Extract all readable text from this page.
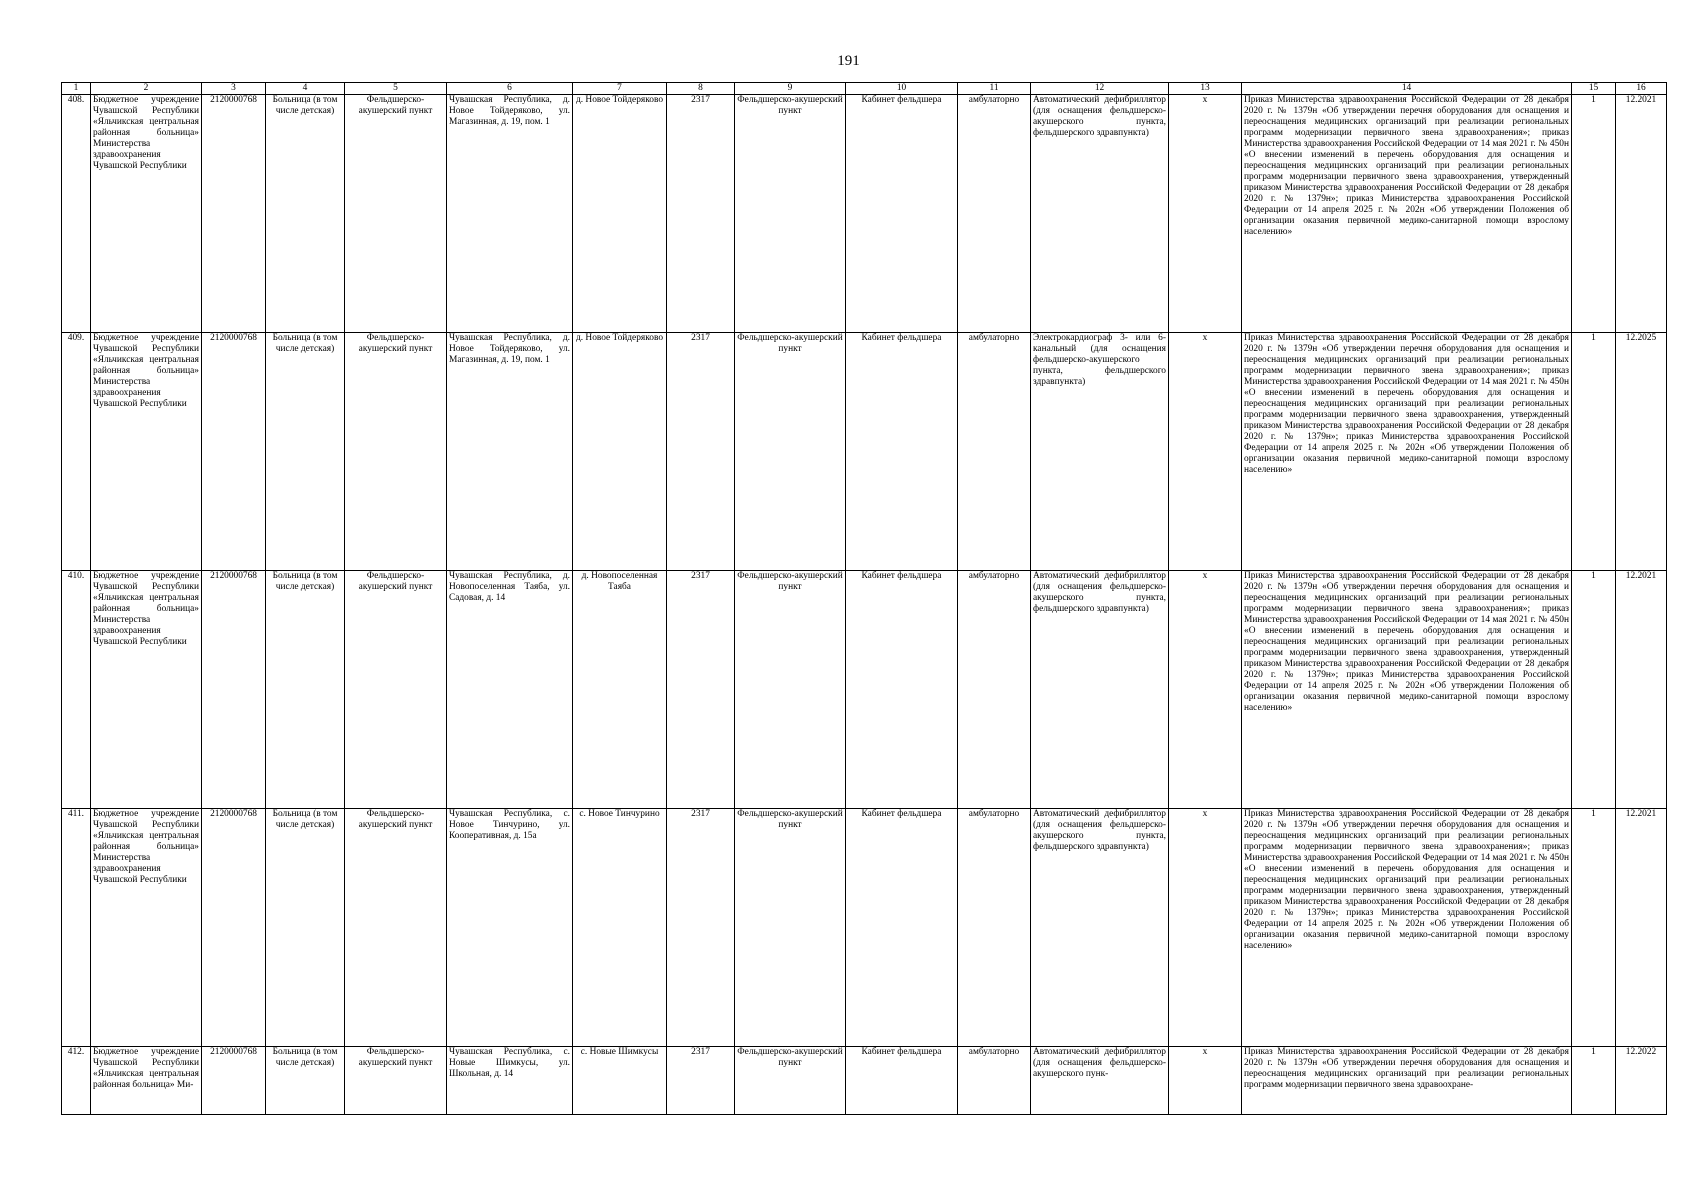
191
1	2	3	4	5	6	7	8	9	10	11	12	13	14	15	16
408.	Бюджетное учреждение Чувашской Республики «Яльчикская центральная районная больница» Министерства здравоохранения Чувашской Республики	2120000768	Больница (в том числе детская)	Фельдшерско-акушерский пункт	Чувашская Республика, д. Новое Тойдеряково, ул. Магазинная, д. 19, пом. 1	д. Новое Тойдеряково	2317	Фельдшерско-акушерский пункт	Кабинет фельдшера	амбулаторно	Автоматический дефибриллятор (для оснащения фельдшерско-акушерского пункта, фельдшерского здравпункта)	x	Приказ Министерства здравоохранения Российской Федерации от 28 декабря 2020 г. № 1379н «Об утверждении перечня оборудования для оснащения и переоснащения медицинских организаций при реализации региональных программ модернизации первичного звена здравоохранения»; приказ Министерства здравоохранения Российской Федерации от 14 мая 2021 г. № 450н «О внесении изменений в перечень оборудования для оснащения и переоснащения медицинских организаций при реализации региональных программ модернизации первичного звена здравоохранения, утвержденный приказом Министерства здравоохранения Российской Федерации от 28 декабря 2020 г. № 1379н»; приказ Министерства здравоохранения Российской Федерации от 14 апреля 2025 г. № 202н «Об утверждении Положения об организации оказания первичной медико-санитарной помощи взрослому населению»	1	12.2021
409.	Бюджетное учреждение Чувашской Республики «Яльчикская центральная районная больница» Министерства здравоохранения Чувашской Республики	2120000768	Больница (в том числе детская)	Фельдшерско-акушерский пункт	Чувашская Республика, д. Новое Тойдеряково, ул. Магазинная, д. 19, пом. 1	д. Новое Тойдеряково	2317	Фельдшерско-акушерский пункт	Кабинет фельдшера	амбулаторно	Электрокардиограф 3- или 6-канальный (для оснащения фельдшерско-акушерского пункта, фельдшерского здравпункта)	x	Приказ Министерства здравоохранения Российской Федерации от 28 декабря 2020 г. № 1379н «Об утверждении перечня оборудования для оснащения и переоснащения медицинских организаций при реализации региональных программ модернизации первичного звена здравоохранения»; приказ Министерства здравоохранения Российской Федерации от 14 мая 2021 г. № 450н «О внесении изменений в перечень оборудования для оснащения и переоснащения медицинских организаций при реализации региональных программ модернизации первичного звена здравоохранения, утвержденный приказом Министерства здравоохранения Российской Федерации от 28 декабря 2020 г. № 1379н»; приказ Министерства здравоохранения Российской Федерации от 14 апреля 2025 г. № 202н «Об утверждении Положения об организации оказания первичной медико-санитарной помощи взрослому населению»	1	12.2025
410.	Бюджетное учреждение Чувашской Республики «Яльчикская центральная районная больница» Министерства здравоохранения Чувашской Республики	2120000768	Больница (в том числе детская)	Фельдшерско-акушерский пункт	Чувашская Республика, д. Новопоселенная Таяба, ул. Садовая, д. 14	д. Новопоселенная Таяба	2317	Фельдшерско-акушерский пункт	Кабинет фельдшера	амбулаторно	Автоматический дефибриллятор (для оснащения фельдшерско-акушерского пункта, фельдшерского здравпункта)	x	Приказ Министерства здравоохранения Российской Федерации от 28 декабря 2020 г. № 1379н «Об утверждении перечня оборудования для оснащения и переоснащения медицинских организаций при реализации региональных программ модернизации первичного звена здравоохранения»; приказ Министерства здравоохранения Российской Федерации от 14 мая 2021 г. № 450н «О внесении изменений в перечень оборудования для оснащения и переоснащения медицинских организаций при реализации региональных программ модернизации первичного звена здравоохранения, утвержденный приказом Министерства здравоохранения Российской Федерации от 28 декабря 2020 г. № 1379н»; приказ Министерства здравоохранения Российской Федерации от 14 апреля 2025 г. № 202н «Об утверждении Положения об организации оказания первичной медико-санитарной помощи взрослому населению»	1	12.2021
411.	Бюджетное учреждение Чувашской Республики «Яльчикская центральная районная больница» Министерства здравоохранения Чувашской Республики	2120000768	Больница (в том числе детская)	Фельдшерско-акушерский пункт	Чувашская Республика, с. Новое Тинчурино, ул. Кооперативная, д. 15а	с. Новое Тинчурино	2317	Фельдшерско-акушерский пункт	Кабинет фельдшера	амбулаторно	Автоматический дефибриллятор (для оснащения фельдшерско-акушерского пункта, фельдшерского здравпункта)	x	Приказ Министерства здравоохранения Российской Федерации от 28 декабря 2020 г. № 1379н «Об утверждении перечня оборудования для оснащения и переоснащения медицинских организаций при реализации региональных программ модернизации первичного звена здравоохранения»; приказ Министерства здравоохранения Российской Федерации от 14 мая 2021 г. № 450н «О внесении изменений в перечень оборудования для оснащения и переоснащения медицинских организаций при реализации региональных программ модернизации первичного звена здравоохранения, утвержденный приказом Министерства здравоохранения Российской Федерации от 28 декабря 2020 г. № 1379н»; приказ Министерства здравоохранения Российской Федерации от 14 апреля 2025 г. № 202н «Об утверждении Положения об организации оказания первичной медико-санитарной помощи взрослому населению»	1	12.2021
412.	Бюджетное учреждение Чувашской Республики «Яльчикская центральная районная больница» Ми-	2120000768	Больница (в том числе детская)	Фельдшерско-акушерский пункт	Чувашская Республика, с. Новые Шимкусы, ул. Школьная, д. 14	с. Новые Шимкусы	2317	Фельдшерско-акушерский пункт	Кабинет фельдшера	амбулаторно	Автоматический дефибриллятор (для оснащения фельдшерско-акушерского пунк-	x	Приказ Министерства здравоохранения Российской Федерации от 28 декабря 2020 г. № 1379н «Об утверждении перечня оборудования для оснащения и переоснащения медицинских организаций при реализации региональных программ модернизации первичного звена здравоохране-	1	12.2022
